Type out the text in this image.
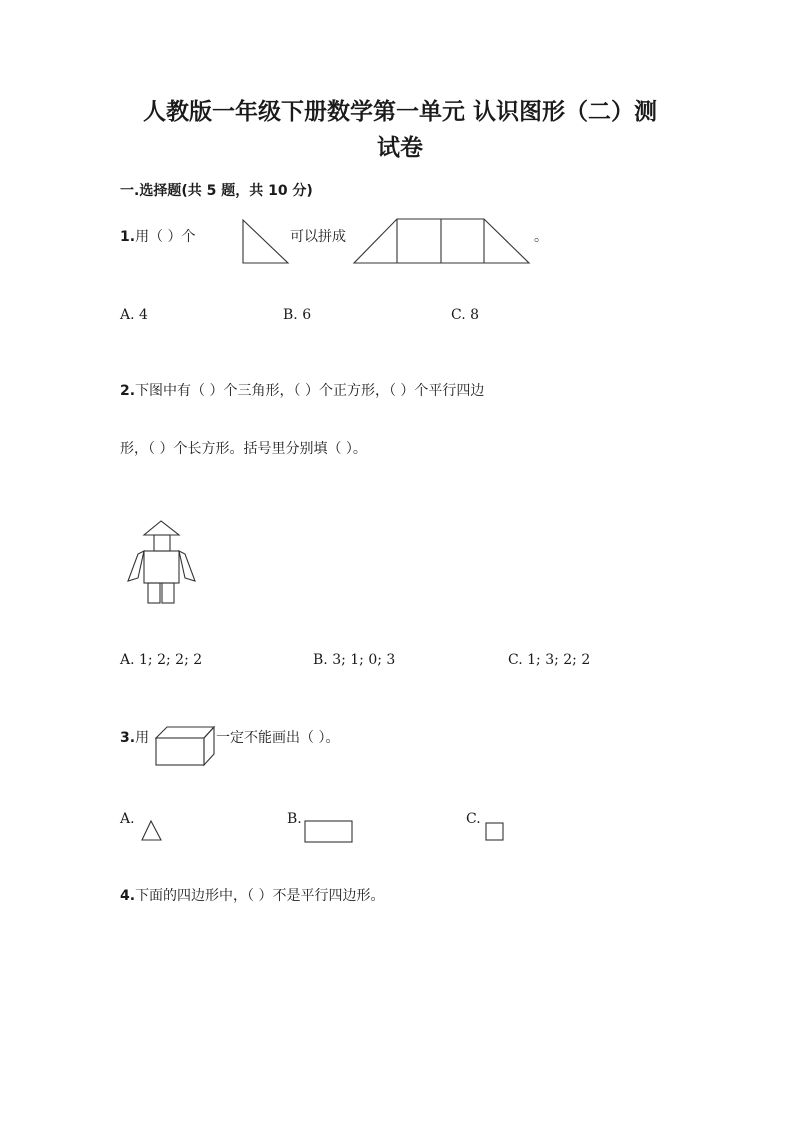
人教版一年级下册数学第一单元 认识图形（二）测
试卷
一.选择题(共 5 题，共 10 分)
1.用（ ）个	可以拼成	。
A. 4	B. 6	C. 8
2.下图中有（ ）个三角形，（ ）个正方形，（ ）个平行四边
形，（ ）个长方形。括号里分别填（ ）。
A. 1; 2; 2; 2	B. 3; 1; 0; 3	C. 1; 3; 2; 2
3.用	一定不能画出（ ）。
A.	B.	C.
4.下面的四边形中，（ ）不是平行四边形。
